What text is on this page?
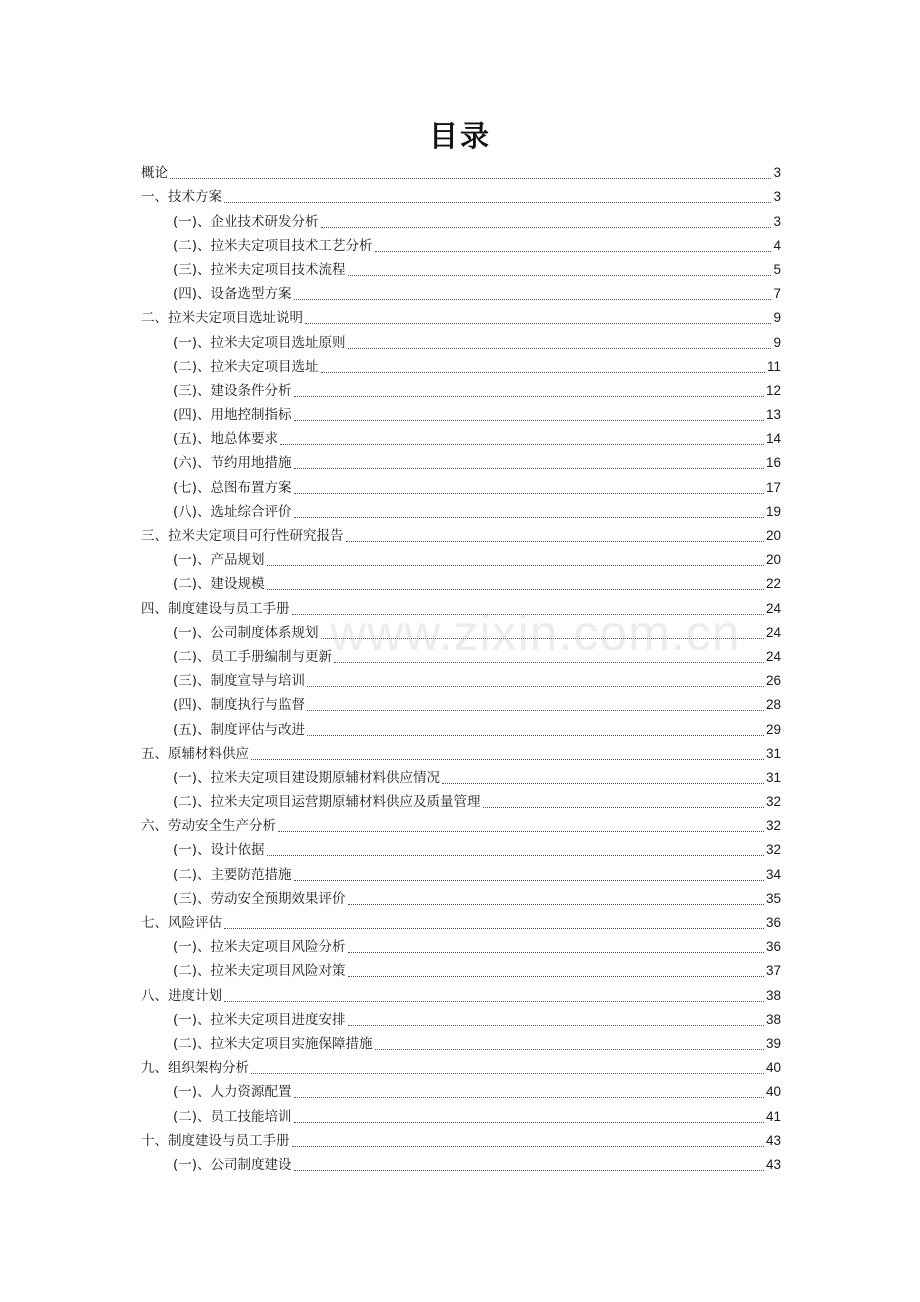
目录
概论	3
一、技术方案	3
(一)、企业技术研发分析	3
(二)、拉米夫定项目技术工艺分析	4
(三)、拉米夫定项目技术流程	5
(四)、设备选型方案	7
二、拉米夫定项目选址说明	9
(一)、拉米夫定项目选址原则	9
(二)、拉米夫定项目选址	11
(三)、建设条件分析	12
(四)、用地控制指标	13
(五)、地总体要求	14
(六)、节约用地措施	16
(七)、总图布置方案	17
(八)、选址综合评价	19
三、拉米夫定项目可行性研究报告	20
(一)、产品规划	20
(二)、建设规模	22
四、制度建设与员工手册	24
(一)、公司制度体系规划	24
(二)、员工手册编制与更新	24
(三)、制度宣导与培训	26
(四)、制度执行与监督	28
(五)、制度评估与改进	29
五、原辅材料供应	31
(一)、拉米夫定项目建设期原辅材料供应情况	31
(二)、拉米夫定项目运营期原辅材料供应及质量管理	32
六、劳动安全生产分析	32
(一)、设计依据	32
(二)、主要防范措施	34
(三)、劳动安全预期效果评价	35
七、风险评估	36
(一)、拉米夫定项目风险分析	36
(二)、拉米夫定项目风险对策	37
八、进度计划	38
(一)、拉米夫定项目进度安排	38
(二)、拉米夫定项目实施保障措施	39
九、组织架构分析	40
(一)、人力资源配置	40
(二)、员工技能培训	41
十、制度建设与员工手册	43
(一)、公司制度建设	43
www.zixin.com.cn
